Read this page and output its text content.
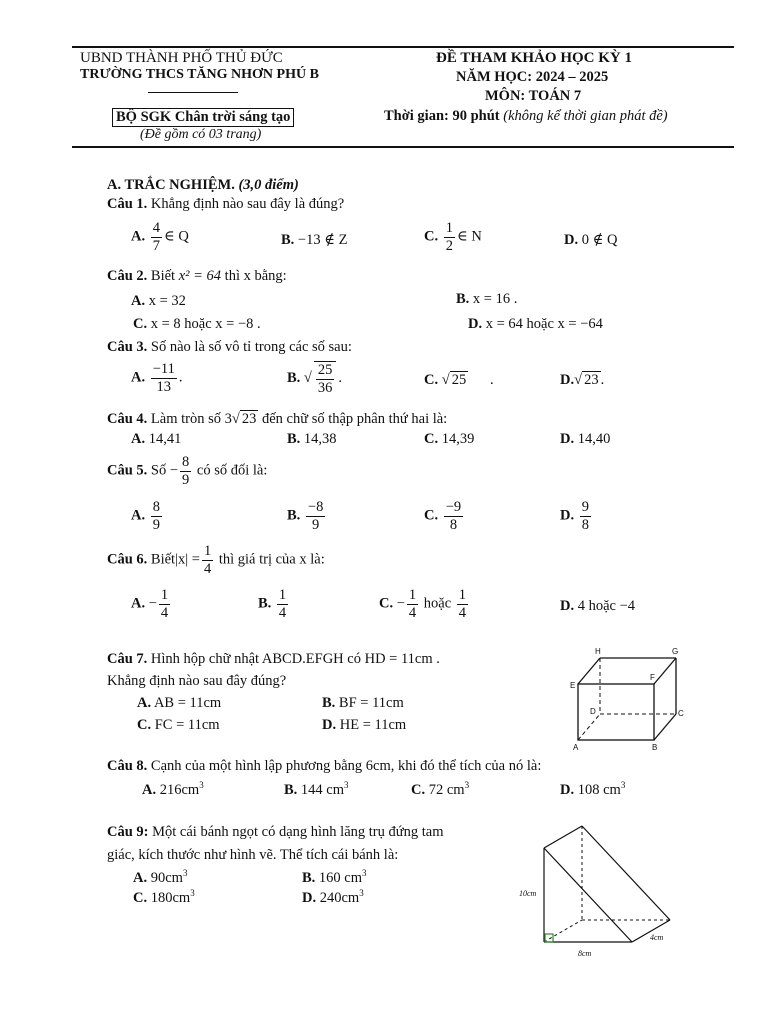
UBND THÀNH PHỐ THỦ ĐỨC
TRƯỜNG THCS TĂNG NHƠN PHÚ B
BỘ SGK Chân trời sáng tạo
(Đề gồm có 03 trang)
ĐỀ THAM KHẢO HỌC KỲ 1
NĂM HỌC: 2024 – 2025
MÔN: TOÁN 7
Thời gian: 90 phút (không kể thời gian phát đề)
A. TRẮC NGHIỆM. (3,0 điểm)
Câu 1. Khẳng định nào sau đây là đúng?
A. $\frac{4}{7}$ ∈ Q	B. −13 ∉ Z	C. $\frac{1}{2}$ ∈ N	D. 0 ∉ Q
Câu 2. Biết x² = 64 thì x bằng:
A. x = 32	B. x = 16 .
C. x = 8 hoặc x = −8 .	D. x = 64 hoặc x = −64
Câu 3. Số nào là số vô tỉ trong các số sau:
A. $\frac{-11}{13}$ .	B. √ $\frac{25}{36}$ .	C. √ 25      .	D.√ 23 .
Câu 4. Làm tròn số 3√ 23 đến chữ số thập phân thứ hai là:
A. 14,41	B. 14,38	C. 14,39	D. 14,40
Câu 5. Số − $\frac{8}{9}$ có số đối là:
A. $\frac{8}{9}$	B. $\frac{-8}{9}$	C. $\frac{-9}{8}$	D. $\frac{9}{8}$
Câu 6. Biết|x| = $\frac{1}{4}$ thì giá trị của x là:
A. − $\frac{1}{4}$	B. $\frac{1}{4}$	C. − $\frac{1}{4}$ hoặc $\frac{1}{4}$	D. 4 hoặc −4
Câu 7. Hình hộp chữ nhật ABCD.EFGH có HD = 11cm .
Khẳng định nào sau đây đúng?
A. AB = 11cm	B. BF = 11cm
C. FC = 11cm	D. HE = 11cm
H	G
E
F
D	C
A	B
Câu 8. Cạnh của một hình lập phương bằng 6cm, khi đó thể tích của nó là:
A. $216cm^3$	B. 144 $cm^3$	C. 72 $cm^3$	D. 108 $cm^3$
Câu 9: Một cái bánh ngọt có dạng hình lăng trụ đứng tam
giác, kích thước như hình vẽ. Thể tích cái bánh là:
A. $90cm^3$	B. 160 $cm^3$
C. $180cm^3$	D. $240cm^3$	10cm
8cm
4cm
